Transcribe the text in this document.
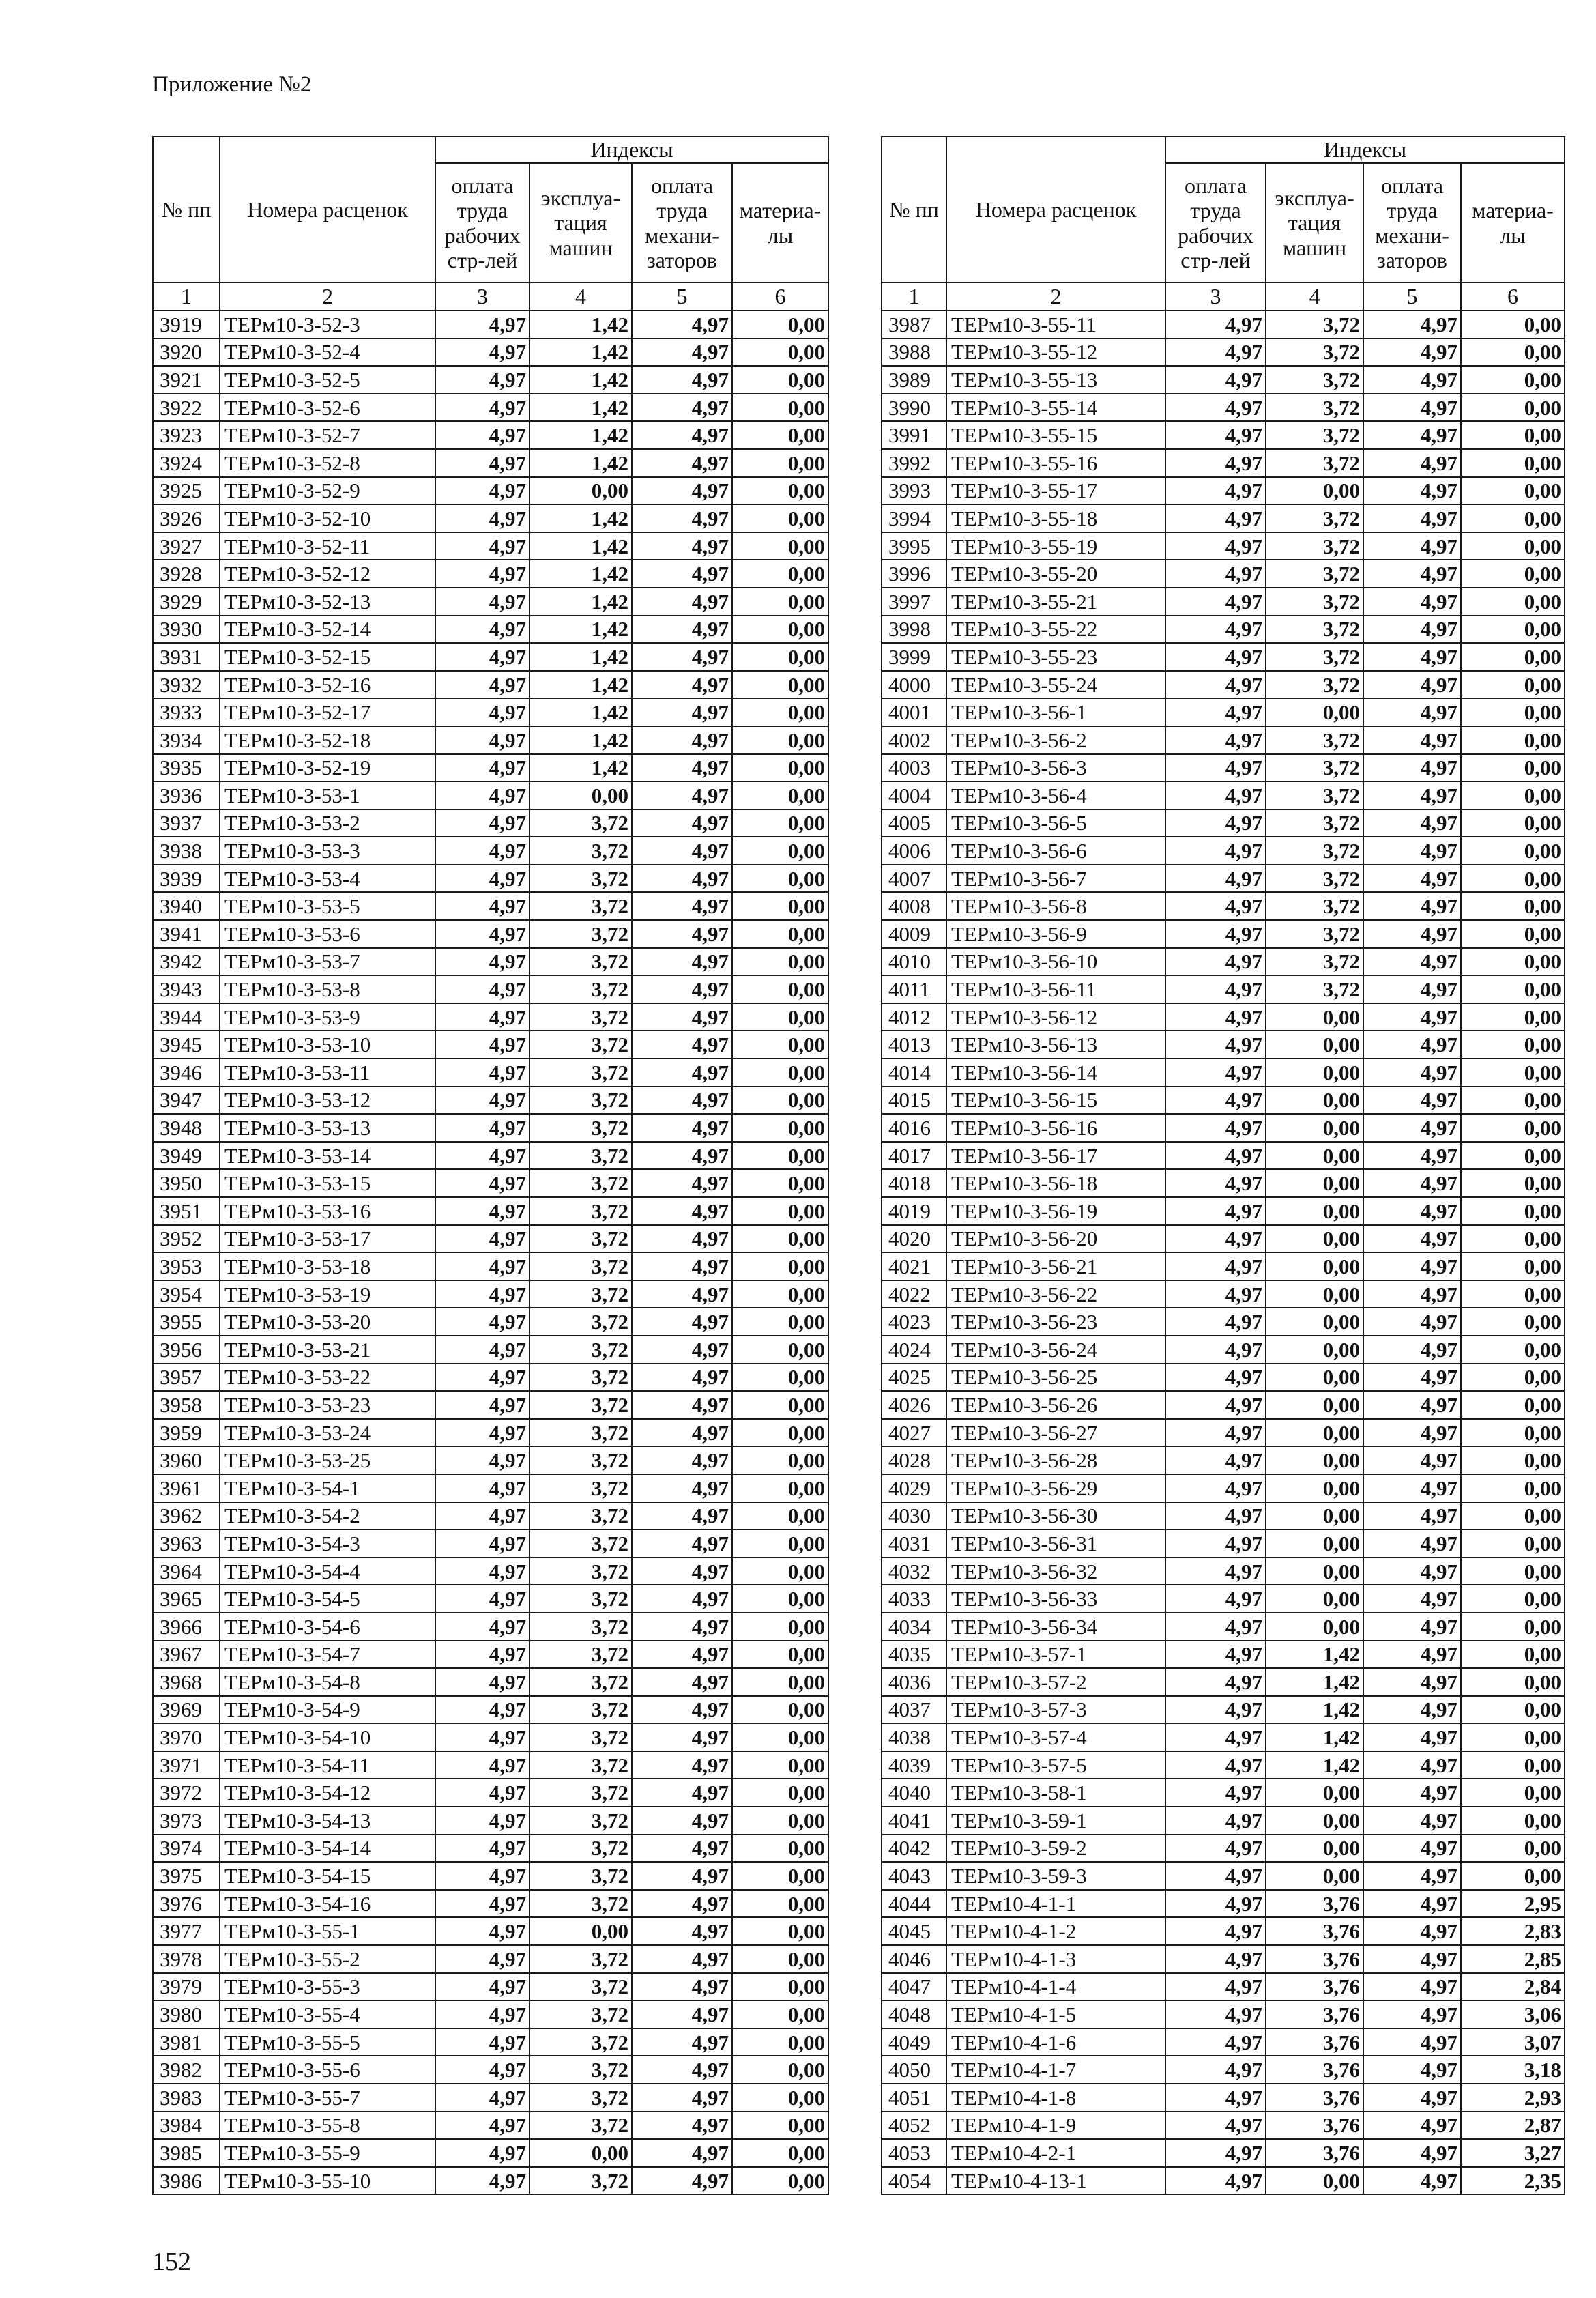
Приложение №2
№ пп	Номера расценок	Индексы			
		оплата
труда
рабочих
стр-лей	эксплуа-
тация
машин	оплата
труда
механи-
заторов	материа-
лы
1	2	3	4	5	6
3919	ТЕРм10-3-52-3	4,97	1,42	4,97	0,00
3920	ТЕРм10-3-52-4	4,97	1,42	4,97	0,00
3921	ТЕРм10-3-52-5	4,97	1,42	4,97	0,00
3922	ТЕРм10-3-52-6	4,97	1,42	4,97	0,00
3923	ТЕРм10-3-52-7	4,97	1,42	4,97	0,00
3924	ТЕРм10-3-52-8	4,97	1,42	4,97	0,00
3925	ТЕРм10-3-52-9	4,97	0,00	4,97	0,00
3926	ТЕРм10-3-52-10	4,97	1,42	4,97	0,00
3927	ТЕРм10-3-52-11	4,97	1,42	4,97	0,00
3928	ТЕРм10-3-52-12	4,97	1,42	4,97	0,00
3929	ТЕРм10-3-52-13	4,97	1,42	4,97	0,00
3930	ТЕРм10-3-52-14	4,97	1,42	4,97	0,00
3931	ТЕРм10-3-52-15	4,97	1,42	4,97	0,00
3932	ТЕРм10-3-52-16	4,97	1,42	4,97	0,00
3933	ТЕРм10-3-52-17	4,97	1,42	4,97	0,00
3934	ТЕРм10-3-52-18	4,97	1,42	4,97	0,00
3935	ТЕРм10-3-52-19	4,97	1,42	4,97	0,00
3936	ТЕРм10-3-53-1	4,97	0,00	4,97	0,00
3937	ТЕРм10-3-53-2	4,97	3,72	4,97	0,00
3938	ТЕРм10-3-53-3	4,97	3,72	4,97	0,00
3939	ТЕРм10-3-53-4	4,97	3,72	4,97	0,00
3940	ТЕРм10-3-53-5	4,97	3,72	4,97	0,00
3941	ТЕРм10-3-53-6	4,97	3,72	4,97	0,00
3942	ТЕРм10-3-53-7	4,97	3,72	4,97	0,00
3943	ТЕРм10-3-53-8	4,97	3,72	4,97	0,00
3944	ТЕРм10-3-53-9	4,97	3,72	4,97	0,00
3945	ТЕРм10-3-53-10	4,97	3,72	4,97	0,00
3946	ТЕРм10-3-53-11	4,97	3,72	4,97	0,00
3947	ТЕРм10-3-53-12	4,97	3,72	4,97	0,00
3948	ТЕРм10-3-53-13	4,97	3,72	4,97	0,00
3949	ТЕРм10-3-53-14	4,97	3,72	4,97	0,00
3950	ТЕРм10-3-53-15	4,97	3,72	4,97	0,00
3951	ТЕРм10-3-53-16	4,97	3,72	4,97	0,00
3952	ТЕРм10-3-53-17	4,97	3,72	4,97	0,00
3953	ТЕРм10-3-53-18	4,97	3,72	4,97	0,00
3954	ТЕРм10-3-53-19	4,97	3,72	4,97	0,00
3955	ТЕРм10-3-53-20	4,97	3,72	4,97	0,00
3956	ТЕРм10-3-53-21	4,97	3,72	4,97	0,00
3957	ТЕРм10-3-53-22	4,97	3,72	4,97	0,00
3958	ТЕРм10-3-53-23	4,97	3,72	4,97	0,00
3959	ТЕРм10-3-53-24	4,97	3,72	4,97	0,00
3960	ТЕРм10-3-53-25	4,97	3,72	4,97	0,00
3961	ТЕРм10-3-54-1	4,97	3,72	4,97	0,00
3962	ТЕРм10-3-54-2	4,97	3,72	4,97	0,00
3963	ТЕРм10-3-54-3	4,97	3,72	4,97	0,00
3964	ТЕРм10-3-54-4	4,97	3,72	4,97	0,00
3965	ТЕРм10-3-54-5	4,97	3,72	4,97	0,00
3966	ТЕРм10-3-54-6	4,97	3,72	4,97	0,00
3967	ТЕРм10-3-54-7	4,97	3,72	4,97	0,00
3968	ТЕРм10-3-54-8	4,97	3,72	4,97	0,00
3969	ТЕРм10-3-54-9	4,97	3,72	4,97	0,00
3970	ТЕРм10-3-54-10	4,97	3,72	4,97	0,00
3971	ТЕРм10-3-54-11	4,97	3,72	4,97	0,00
3972	ТЕРм10-3-54-12	4,97	3,72	4,97	0,00
3973	ТЕРм10-3-54-13	4,97	3,72	4,97	0,00
3974	ТЕРм10-3-54-14	4,97	3,72	4,97	0,00
3975	ТЕРм10-3-54-15	4,97	3,72	4,97	0,00
3976	ТЕРм10-3-54-16	4,97	3,72	4,97	0,00
3977	ТЕРм10-3-55-1	4,97	0,00	4,97	0,00
3978	ТЕРм10-3-55-2	4,97	3,72	4,97	0,00
3979	ТЕРм10-3-55-3	4,97	3,72	4,97	0,00
3980	ТЕРм10-3-55-4	4,97	3,72	4,97	0,00
3981	ТЕРм10-3-55-5	4,97	3,72	4,97	0,00
3982	ТЕРм10-3-55-6	4,97	3,72	4,97	0,00
3983	ТЕРм10-3-55-7	4,97	3,72	4,97	0,00
3984	ТЕРм10-3-55-8	4,97	3,72	4,97	0,00
3985	ТЕРм10-3-55-9	4,97	0,00	4,97	0,00
3986	ТЕРм10-3-55-10	4,97	3,72	4,97	0,00
№ пп	Номера расценок	Индексы			
		оплата
труда
рабочих
стр-лей	эксплуа-
тация
машин	оплата
труда
механи-
заторов	материа-
лы
1	2	3	4	5	6
3987	ТЕРм10-3-55-11	4,97	3,72	4,97	0,00
3988	ТЕРм10-3-55-12	4,97	3,72	4,97	0,00
3989	ТЕРм10-3-55-13	4,97	3,72	4,97	0,00
3990	ТЕРм10-3-55-14	4,97	3,72	4,97	0,00
3991	ТЕРм10-3-55-15	4,97	3,72	4,97	0,00
3992	ТЕРм10-3-55-16	4,97	3,72	4,97	0,00
3993	ТЕРм10-3-55-17	4,97	0,00	4,97	0,00
3994	ТЕРм10-3-55-18	4,97	3,72	4,97	0,00
3995	ТЕРм10-3-55-19	4,97	3,72	4,97	0,00
3996	ТЕРм10-3-55-20	4,97	3,72	4,97	0,00
3997	ТЕРм10-3-55-21	4,97	3,72	4,97	0,00
3998	ТЕРм10-3-55-22	4,97	3,72	4,97	0,00
3999	ТЕРм10-3-55-23	4,97	3,72	4,97	0,00
4000	ТЕРм10-3-55-24	4,97	3,72	4,97	0,00
4001	ТЕРм10-3-56-1	4,97	0,00	4,97	0,00
4002	ТЕРм10-3-56-2	4,97	3,72	4,97	0,00
4003	ТЕРм10-3-56-3	4,97	3,72	4,97	0,00
4004	ТЕРм10-3-56-4	4,97	3,72	4,97	0,00
4005	ТЕРм10-3-56-5	4,97	3,72	4,97	0,00
4006	ТЕРм10-3-56-6	4,97	3,72	4,97	0,00
4007	ТЕРм10-3-56-7	4,97	3,72	4,97	0,00
4008	ТЕРм10-3-56-8	4,97	3,72	4,97	0,00
4009	ТЕРм10-3-56-9	4,97	3,72	4,97	0,00
4010	ТЕРм10-3-56-10	4,97	3,72	4,97	0,00
4011	ТЕРм10-3-56-11	4,97	3,72	4,97	0,00
4012	ТЕРм10-3-56-12	4,97	0,00	4,97	0,00
4013	ТЕРм10-3-56-13	4,97	0,00	4,97	0,00
4014	ТЕРм10-3-56-14	4,97	0,00	4,97	0,00
4015	ТЕРм10-3-56-15	4,97	0,00	4,97	0,00
4016	ТЕРм10-3-56-16	4,97	0,00	4,97	0,00
4017	ТЕРм10-3-56-17	4,97	0,00	4,97	0,00
4018	ТЕРм10-3-56-18	4,97	0,00	4,97	0,00
4019	ТЕРм10-3-56-19	4,97	0,00	4,97	0,00
4020	ТЕРм10-3-56-20	4,97	0,00	4,97	0,00
4021	ТЕРм10-3-56-21	4,97	0,00	4,97	0,00
4022	ТЕРм10-3-56-22	4,97	0,00	4,97	0,00
4023	ТЕРм10-3-56-23	4,97	0,00	4,97	0,00
4024	ТЕРм10-3-56-24	4,97	0,00	4,97	0,00
4025	ТЕРм10-3-56-25	4,97	0,00	4,97	0,00
4026	ТЕРм10-3-56-26	4,97	0,00	4,97	0,00
4027	ТЕРм10-3-56-27	4,97	0,00	4,97	0,00
4028	ТЕРм10-3-56-28	4,97	0,00	4,97	0,00
4029	ТЕРм10-3-56-29	4,97	0,00	4,97	0,00
4030	ТЕРм10-3-56-30	4,97	0,00	4,97	0,00
4031	ТЕРм10-3-56-31	4,97	0,00	4,97	0,00
4032	ТЕРм10-3-56-32	4,97	0,00	4,97	0,00
4033	ТЕРм10-3-56-33	4,97	0,00	4,97	0,00
4034	ТЕРм10-3-56-34	4,97	0,00	4,97	0,00
4035	ТЕРм10-3-57-1	4,97	1,42	4,97	0,00
4036	ТЕРм10-3-57-2	4,97	1,42	4,97	0,00
4037	ТЕРм10-3-57-3	4,97	1,42	4,97	0,00
4038	ТЕРм10-3-57-4	4,97	1,42	4,97	0,00
4039	ТЕРм10-3-57-5	4,97	1,42	4,97	0,00
4040	ТЕРм10-3-58-1	4,97	0,00	4,97	0,00
4041	ТЕРм10-3-59-1	4,97	0,00	4,97	0,00
4042	ТЕРм10-3-59-2	4,97	0,00	4,97	0,00
4043	ТЕРм10-3-59-3	4,97	0,00	4,97	0,00
4044	ТЕРм10-4-1-1	4,97	3,76	4,97	2,95
4045	ТЕРм10-4-1-2	4,97	3,76	4,97	2,83
4046	ТЕРм10-4-1-3	4,97	3,76	4,97	2,85
4047	ТЕРм10-4-1-4	4,97	3,76	4,97	2,84
4048	ТЕРм10-4-1-5	4,97	3,76	4,97	3,06
4049	ТЕРм10-4-1-6	4,97	3,76	4,97	3,07
4050	ТЕРм10-4-1-7	4,97	3,76	4,97	3,18
4051	ТЕРм10-4-1-8	4,97	3,76	4,97	2,93
4052	ТЕРм10-4-1-9	4,97	3,76	4,97	2,87
4053	ТЕРм10-4-2-1	4,97	3,76	4,97	3,27
4054	ТЕРм10-4-13-1	4,97	0,00	4,97	2,35
152
